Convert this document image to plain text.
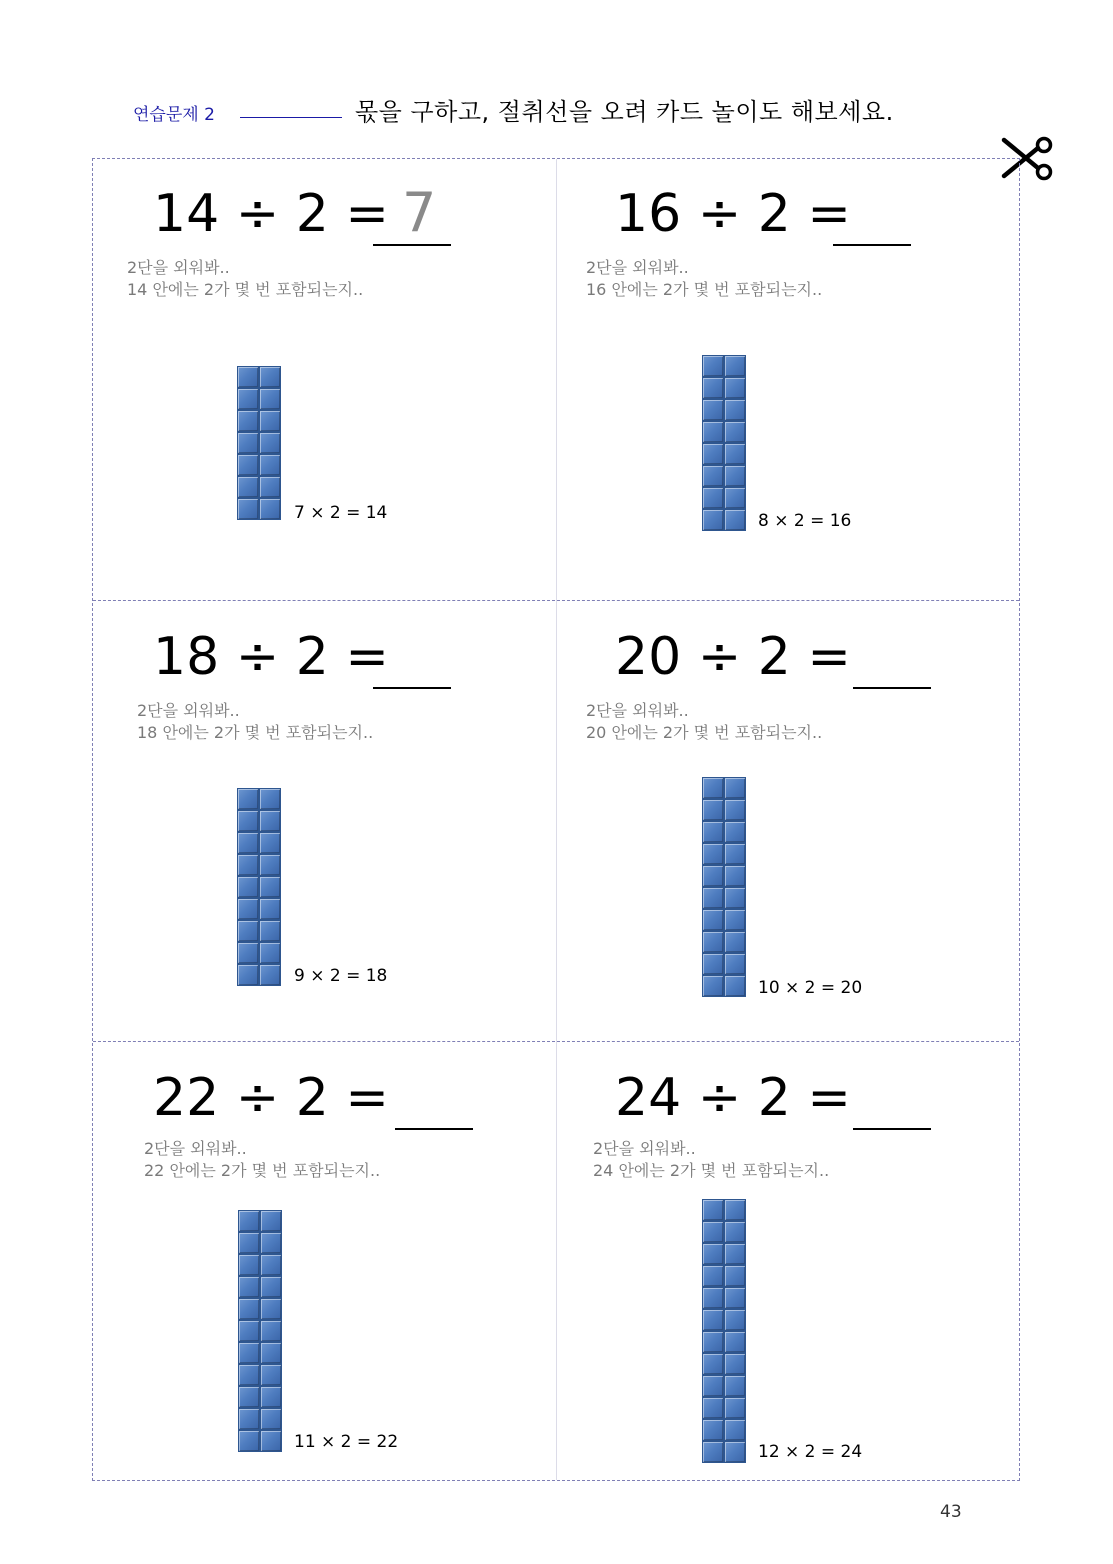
연습문제 2	몫을 구하고, 절취선을 오려 카드 놀이도 해보세요.
14 ÷ 2 = 7
2단을 외워봐..
14 안에는 2가 몇 번 포함되는지..
7 × 2 = 14
16 ÷ 2 =
2단을 외워봐..
16 안에는 2가 몇 번 포함되는지..
8 × 2 = 16
18 ÷ 2 =
2단을 외워봐..
18 안에는 2가 몇 번 포함되는지..
9 × 2 = 18
20 ÷ 2 =
2단을 외워봐..
20 안에는 2가 몇 번 포함되는지..
10 × 2 = 20
22 ÷ 2 =
2단을 외워봐..
22 안에는 2가 몇 번 포함되는지..
11 × 2 = 22
24 ÷ 2 =
2단을 외워봐..
24 안에는 2가 몇 번 포함되는지..
12 × 2 = 24
43
